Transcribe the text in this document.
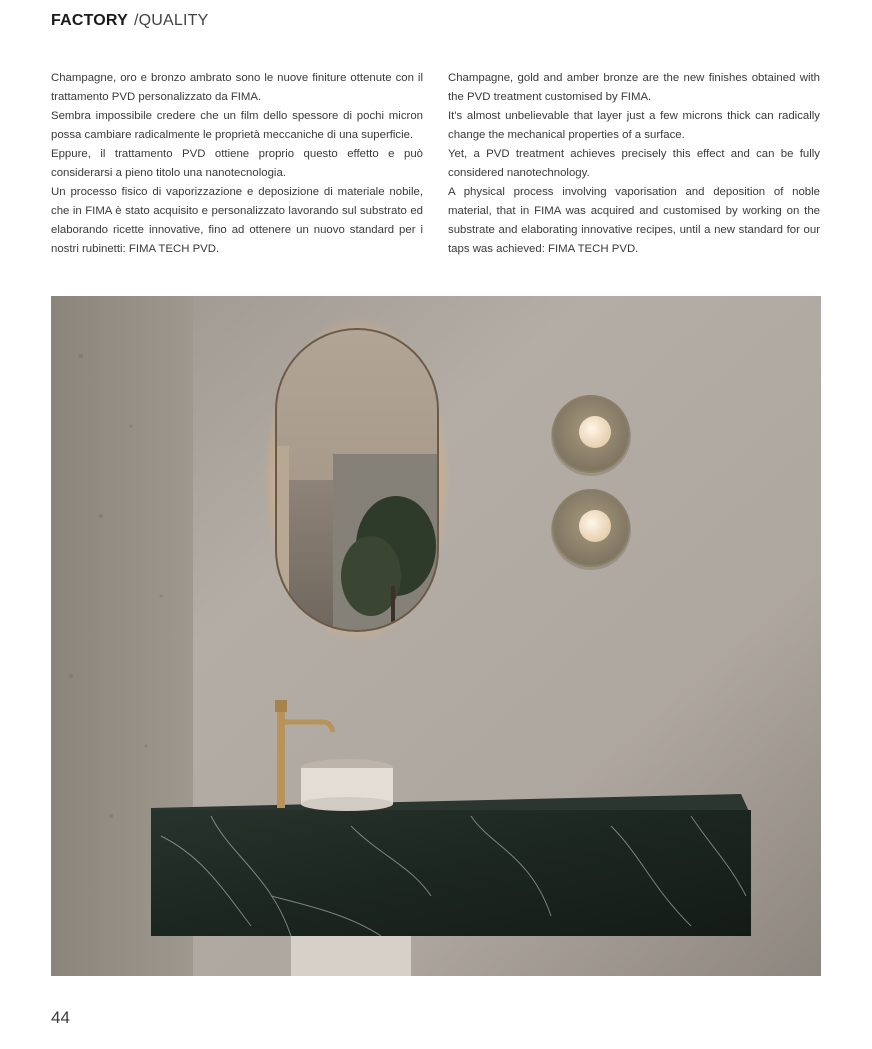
FACTORY /QUALITY

Champagne, oro e bronzo ambrato sono le nuove finiture ottenute con il trattamento PVD personalizzato da FIMA.

Sembra impossibile credere che un film dello spessore di pochi micron possa cambiare radicalmente le proprietà meccaniche di una superficie.

Eppure, il trattamento PVD ottiene proprio questo effetto e può considerarsi a pieno titolo una nanotecnologia.

Un processo fisico di vaporizzazione e deposizione di materiale nobile, che in FIMA è stato acquisito e personalizzato lavorando sul substrato ed elaborando ricette innovative, fino ad ottenere un nuovo standard per i nostri rubinetti: FIMA TECH PVD.

Champagne, gold and amber bronze are the new finishes obtained with the PVD treatment customised by FIMA.

It's almost unbelievable that layer just a few microns thick can radically change the mechanical properties of a surface.

Yet, a PVD treatment achieves precisely this effect and can be fully considered nanotechnology.

A physical process involving vaporisation and deposition of noble material, that in FIMA was acquired and customised by working on the substrate and elaborating innovative recipes, until a new standard for our taps was achieved: FIMA TECH PVD.

44
